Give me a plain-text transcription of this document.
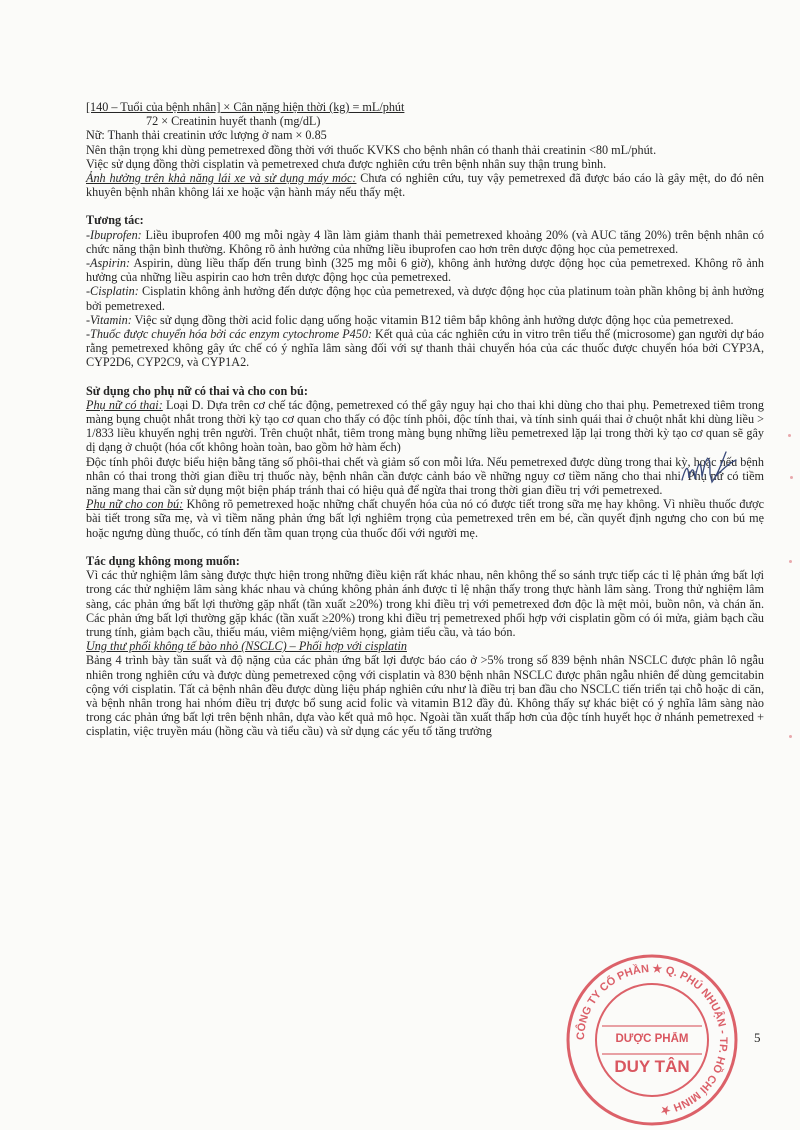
[140 – Tuổi của bệnh nhân] × Cân nặng hiện thời (kg) = mL/phút

72 × Creatinin huyết thanh (mg/dL)

Nữ: Thanh thải creatinin ước lượng ở nam × 0.85

Nên thận trọng khi dùng pemetrexed đồng thời với thuốc KVKS cho bệnh nhân có thanh thải creatinin <80 mL/phút.

Việc sử dụng đồng thời cisplatin và pemetrexed chưa được nghiên cứu trên bệnh nhân suy thận trung bình.

Ảnh hưởng trên khả năng lái xe và sử dụng máy móc: Chưa có nghiên cứu, tuy vậy pemetrexed đã được báo cáo là gây mệt, do đó nên khuyên bệnh nhân không lái xe hoặc vận hành máy nếu thấy mệt.

Tương tác:

-Ibuprofen: Liều ibuprofen 400 mg mỗi ngày 4 lần làm giảm thanh thải pemetrexed khoảng 20% (và AUC tăng 20%) trên bệnh nhân có chức năng thận bình thường. Không rõ ảnh hưởng của những liều ibuprofen cao hơn trên dược động học của pemetrexed.

-Aspirin: Aspirin, dùng liều thấp đến trung bình (325 mg mỗi 6 giờ), không ảnh hưởng dược động học của pemetrexed. Không rõ ảnh hưởng của những liều aspirin cao hơn trên dược động học của pemetrexed.

-Cisplatin: Cisplatin không ảnh hưởng đến dược động học của pemetrexed, và dược động học của platinum toàn phần không bị ảnh hưởng bởi pemetrexed.

-Vitamin: Việc sử dụng đồng thời acid folic dạng uống hoặc vitamin B12 tiêm bắp không ảnh hưởng dược động học của pemetrexed.

-Thuốc được chuyển hóa bởi các enzym cytochrome P450: Kết quả của các nghiên cứu in vitro trên tiểu thể (microsome) gan người dự báo rằng pemetrexed không gây ức chế có ý nghĩa lâm sàng đối với sự thanh thải chuyển hóa của các thuốc được chuyển hóa bởi CYP3A, CYP2D6, CYP2C9, và CYP1A2.

Sử dụng cho phụ nữ có thai và cho con bú:

Phụ nữ có thai: Loại D. Dựa trên cơ chế tác động, pemetrexed có thể gây nguy hại cho thai khi dùng cho thai phụ. Pemetrexed tiêm trong màng bụng chuột nhắt trong thời kỳ tạo cơ quan cho thấy có độc tính phôi, độc tính thai, và tính sinh quái thai ở chuột nhắt khi dùng liều > 1/833 liều khuyến nghị trên người. Trên chuột nhắt, tiêm trong màng bụng những liều pemetrexed lặp lại trong thời kỳ tạo cơ quan sẽ gây dị dạng ở chuột (hóa cốt không hoàn toàn, bao gồm hở hàm ếch)

Độc tính phôi được biểu hiện bằng tăng số phôi-thai chết và giảm số con mỗi lứa. Nếu pemetrexed được dùng trong thai kỳ, hoặc nếu bệnh nhân có thai trong thời gian điều trị thuốc này, bệnh nhân cần được cảnh báo về những nguy cơ tiềm năng cho thai nhi. Phụ nữ có tiềm năng mang thai cần sử dụng một biện pháp tránh thai có hiệu quả để ngừa thai trong thời gian điều trị với pemetrexed.

Phụ nữ cho con bú: Không rõ pemetrexed hoặc những chất chuyển hóa của nó có được tiết trong sữa mẹ hay không. Vì nhiều thuốc được bài tiết trong sữa mẹ, và vì tiềm năng phản ứng bất lợi nghiêm trọng của pemetrexed trên em bé, cần quyết định ngưng cho con bú mẹ hoặc ngưng dùng thuốc, có tính đến tầm quan trọng của thuốc đối với người mẹ.

Tác dụng không mong muốn:

Vì các thử nghiệm lâm sàng được thực hiện trong những điều kiện rất khác nhau, nên không thể so sánh trực tiếp các tỉ lệ phản ứng bất lợi trong các thử nghiệm lâm sàng khác nhau và chúng không phản ánh được tỉ lệ nhận thấy trong thực hành lâm sàng. Trong thử nghiệm lâm sàng, các phản ứng bất lợi thường gặp nhất (tần xuất ≥20%) trong khi điều trị với pemetrexed đơn độc là mệt mỏi, buồn nôn, và chán ăn. Các phản ứng bất lợi thường gặp khác (tần xuất ≥20%) trong khi điều trị pemetrexed phối hợp với cisplatin gồm có ói mửa, giảm bạch cầu trung tính, giảm bạch cầu, thiếu máu, viêm miệng/viêm họng, giảm tiểu cầu, và táo bón.

Ung thư phổi không tế bào nhỏ (NSCLC) – Phối hợp với cisplatin

Bảng 4 trình bày tần suất và độ nặng của các phản ứng bất lợi được báo cáo ở >5% trong số 839 bệnh nhân NSCLC được phân lô ngẫu nhiên trong nghiên cứu và được dùng pemetrexed cộng với cisplatin và 830 bệnh nhân NSCLC được phân ngẫu nhiên để dùng gemcitabin cộng với cisplatin. Tất cả bệnh nhân đều được dùng liệu pháp nghiên cứu như là điều trị ban đầu cho NSCLC tiến triển tại chỗ hoặc di căn, và bệnh nhân trong hai nhóm điều trị được bổ sung acid folic và vitamin B12 đầy đủ. Không thấy sự khác biệt có ý nghĩa lâm sàng nào trong các phản ứng bất lợi trên bệnh nhân, dựa vào kết quả mô học. Ngoài tần xuất thấp hơn của độc tính huyết học ở nhánh pemetrexed + cisplatin, việc truyền máu (hồng cầu và tiểu cầu) và sử dụng các yếu tố tăng trưởng

CÔNG TY CỔ PHẦN ★ Q. PHÚ NHUẬN - TP. HỒ CHÍ MINH ★
DƯỢC PHẨM
DUY TÂN
5
